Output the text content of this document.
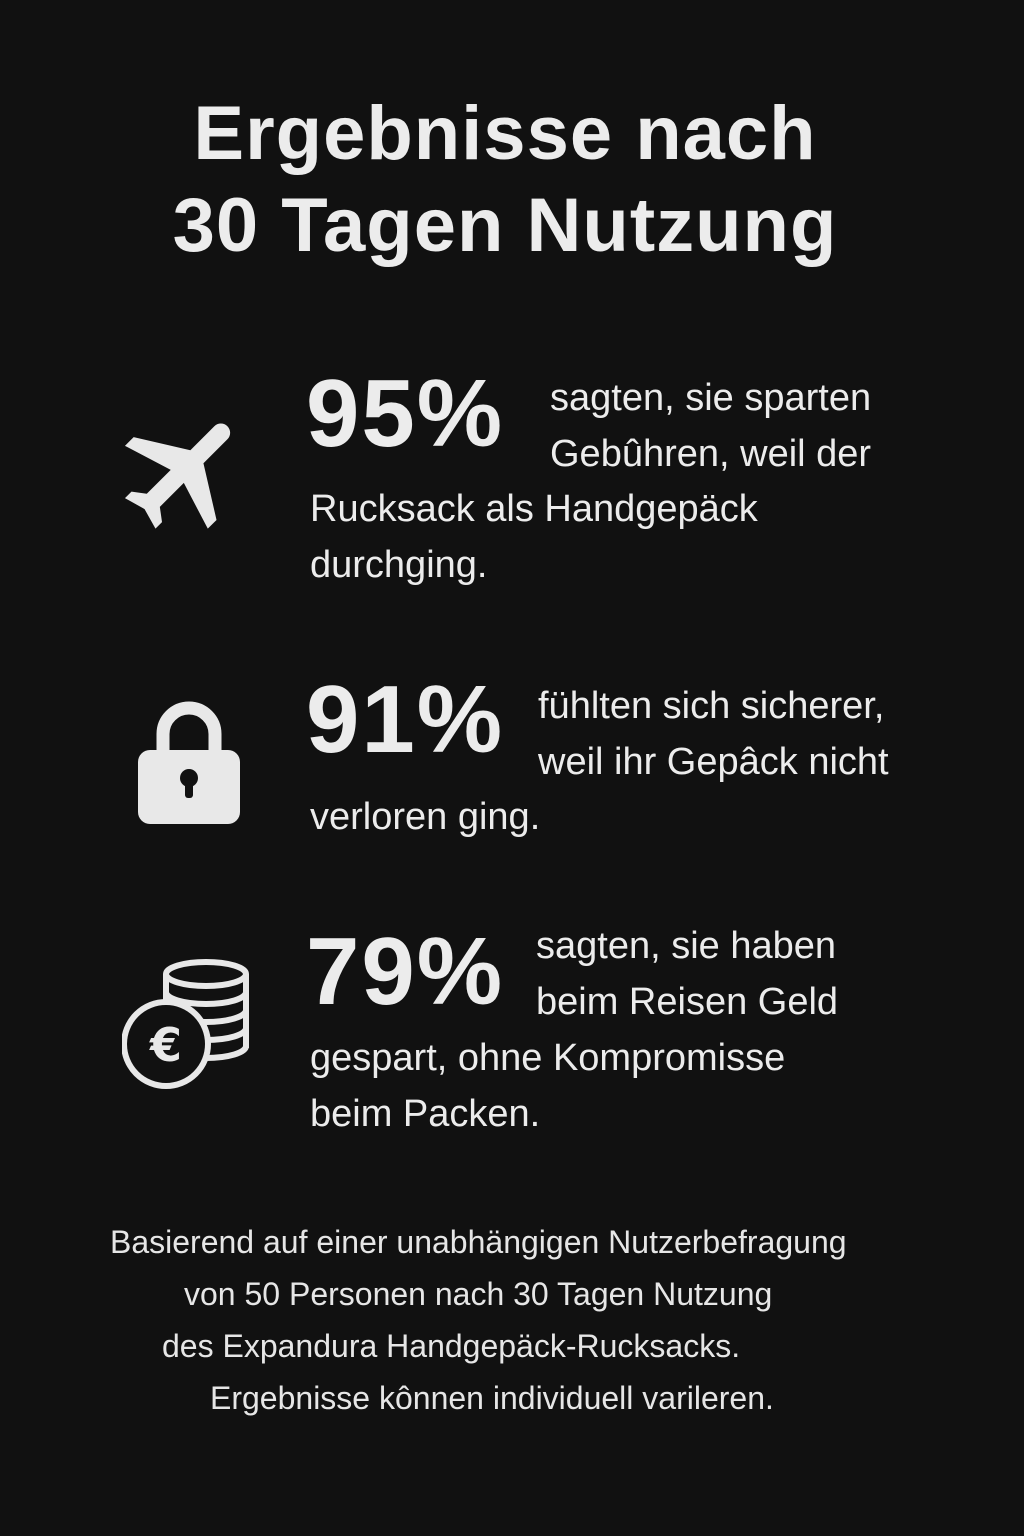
Ergebnisse nach
30 Tagen Nutzung
95% sagten, sie sparten
Gebûhren, weil der
Rucksack als Handgepäck
durchging.
91% fühlten sich sicherer,
weil ihr Gepâck nicht
verloren ging.
€
79% sagten, sie haben
beim Reisen Geld
gespart, ohne Kompromisse
beim Packen.
Basierend auf einer unabhängigen Nutzerbefragung
von 50 Personen nach 30 Tagen Nutzung
des Expandura Handgepäck-Rucksacks.
Ergebnisse kônnen individuell varileren.
